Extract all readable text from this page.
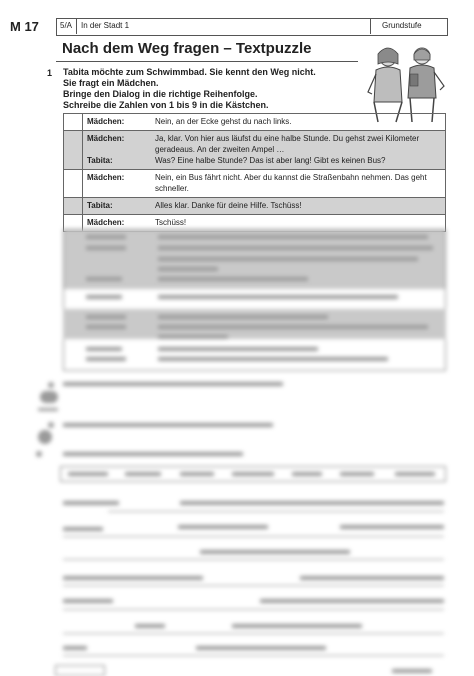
M 17	5/A In der Stadt 1	Grundstufe
Nach dem Weg fragen – Textpuzzle
1 Tabita möchte zum Schwimmbad. Sie kennt den Weg nicht.
Sie fragt ein Mädchen.
Bringe den Dialog in die richtige Reihenfolge.
Schreibe die Zahlen von 1 bis 9 in die Kästchen.
Mädchen:	Nein, an der Ecke gehst du nach links.
Mädchen:	Ja, klar. Von hier aus läufst du eine halbe Stunde. Du gehst zwei Kilometer geradeaus. An der zweiten Ampel …
Tabita:	Was? Eine halbe Stunde? Das ist aber lang! Gibt es keinen Bus?
Mädchen:	Nein, ein Bus fährt nicht. Aber du kannst die Straßenbahn nehmen. Das geht schneller.
Tabita:	Alles klar. Danke für deine Hilfe. Tschüss!
Mädchen:	Tschüss!
